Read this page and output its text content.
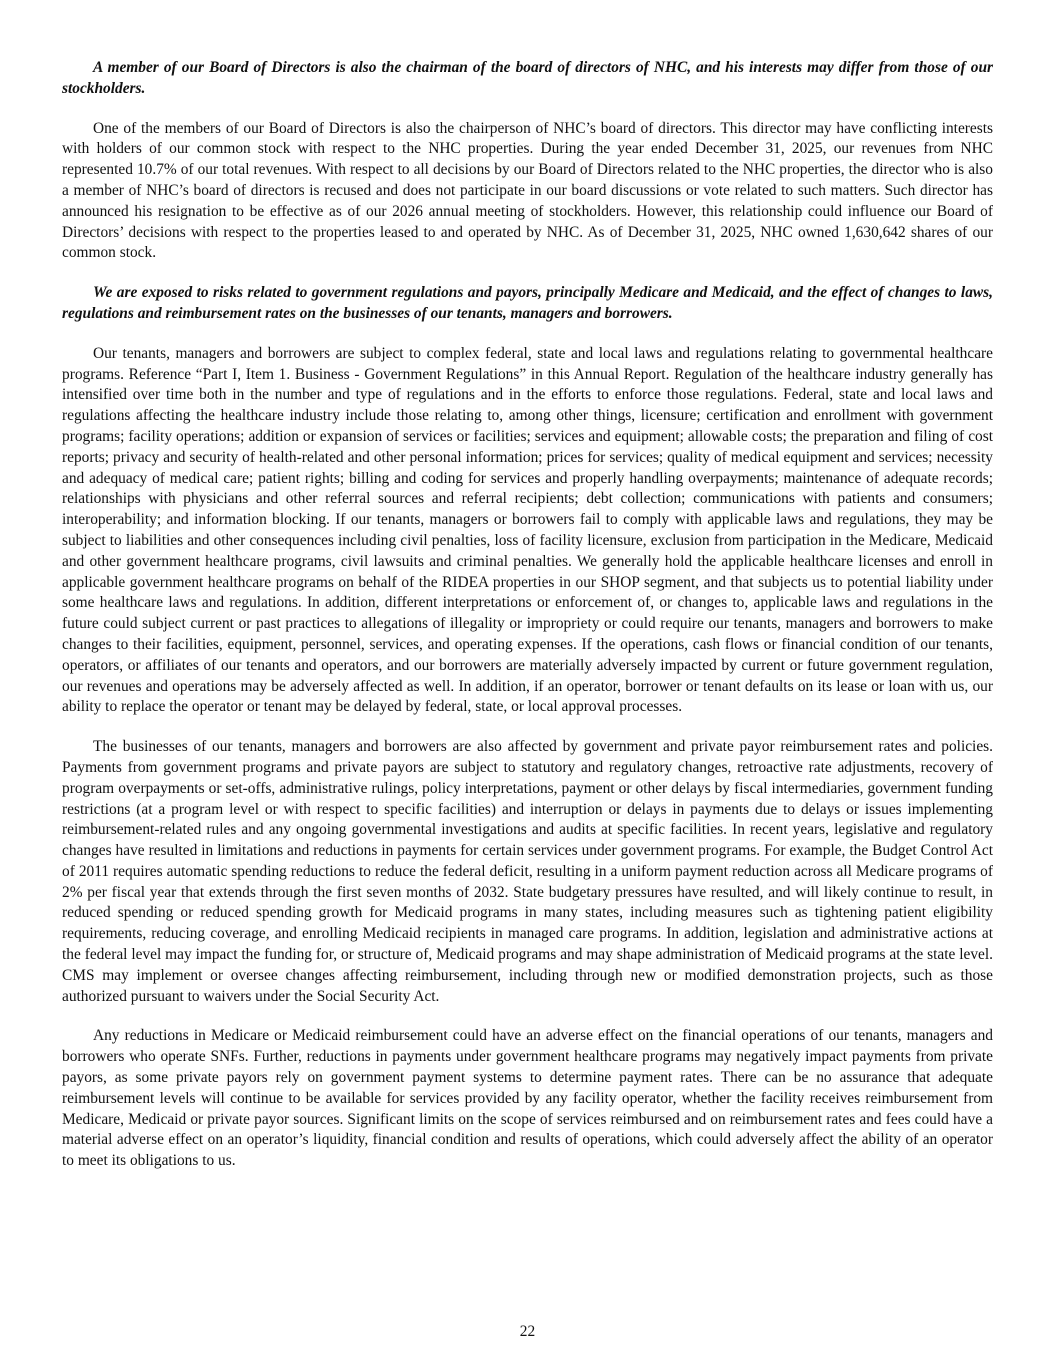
A member of our Board of Directors is also the chairman of the board of directors of NHC, and his interests may differ from those of our stockholders.

One of the members of our Board of Directors is also the chairperson of NHC’s board of directors. This director may have conflicting interests with holders of our common stock with respect to the NHC properties. During the year ended December 31, 2025, our revenues from NHC represented 10.7% of our total revenues. With respect to all decisions by our Board of Directors related to the NHC properties, the director who is also a member of NHC’s board of directors is recused and does not participate in our board discussions or vote related to such matters. Such director has announced his resignation to be effective as of our 2026 annual meeting of stockholders. However, this relationship could influence our Board of Directors’ decisions with respect to the properties leased to and operated by NHC. As of December 31, 2025, NHC owned 1,630,642 shares of our common stock.

We are exposed to risks related to government regulations and payors, principally Medicare and Medicaid, and the effect of changes to laws, regulations and reimbursement rates on the businesses of our tenants, managers and borrowers.

Our tenants, managers and borrowers are subject to complex federal, state and local laws and regulations relating to governmental healthcare programs. Reference “Part I, Item 1. Business - Government Regulations” in this Annual Report. Regulation of the healthcare industry generally has intensified over time both in the number and type of regulations and in the efforts to enforce those regulations. Federal, state and local laws and regulations affecting the healthcare industry include those relating to, among other things, licensure; certification and enrollment with government programs; facility operations; addition or expansion of services or facilities; services and equipment; allowable costs; the preparation and filing of cost reports; privacy and security of health-related and other personal information; prices for services; quality of medical equipment and services; necessity and adequacy of medical care; patient rights; billing and coding for services and properly handling overpayments; maintenance of adequate records; relationships with physicians and other referral sources and referral recipients; debt collection; communications with patients and consumers; interoperability; and information blocking. If our tenants, managers or borrowers fail to comply with applicable laws and regulations, they may be subject to liabilities and other consequences including civil penalties, loss of facility licensure, exclusion from participation in the Medicare, Medicaid and other government healthcare programs, civil lawsuits and criminal penalties. We generally hold the applicable healthcare licenses and enroll in applicable government healthcare programs on behalf of the RIDEA properties in our SHOP segment, and that subjects us to potential liability under some healthcare laws and regulations. In addition, different interpretations or enforcement of, or changes to, applicable laws and regulations in the future could subject current or past practices to allegations of illegality or impropriety or could require our tenants, managers and borrowers to make changes to their facilities, equipment, personnel, services, and operating expenses. If the operations, cash flows or financial condition of our tenants, operators, or affiliates of our tenants and operators, and our borrowers are materially adversely impacted by current or future government regulation, our revenues and operations may be adversely affected as well. In addition, if an operator, borrower or tenant defaults on its lease or loan with us, our ability to replace the operator or tenant may be delayed by federal, state, or local approval processes.

The businesses of our tenants, managers and borrowers are also affected by government and private payor reimbursement rates and policies. Payments from government programs and private payors are subject to statutory and regulatory changes, retroactive rate adjustments, recovery of program overpayments or set-offs, administrative rulings, policy interpretations, payment or other delays by fiscal intermediaries, government funding restrictions (at a program level or with respect to specific facilities) and interruption or delays in payments due to delays or issues implementing reimbursement-related rules and any ongoing governmental investigations and audits at specific facilities. In recent years, legislative and regulatory changes have resulted in limitations and reductions in payments for certain services under government programs. For example, the Budget Control Act of 2011 requires automatic spending reductions to reduce the federal deficit, resulting in a uniform payment reduction across all Medicare programs of 2% per fiscal year that extends through the first seven months of 2032. State budgetary pressures have resulted, and will likely continue to result, in reduced spending or reduced spending growth for Medicaid programs in many states, including measures such as tightening patient eligibility requirements, reducing coverage, and enrolling Medicaid recipients in managed care programs. In addition, legislation and administrative actions at the federal level may impact the funding for, or structure of, Medicaid programs and may shape administration of Medicaid programs at the state level. CMS may implement or oversee changes affecting reimbursement, including through new or modified demonstration projects, such as those authorized pursuant to waivers under the Social Security Act.

Any reductions in Medicare or Medicaid reimbursement could have an adverse effect on the financial operations of our tenants, managers and borrowers who operate SNFs. Further, reductions in payments under government healthcare programs may negatively impact payments from private payors, as some private payors rely on government payment systems to determine payment rates. There can be no assurance that adequate reimbursement levels will continue to be available for services provided by any facility operator, whether the facility receives reimbursement from Medicare, Medicaid or private payor sources. Significant limits on the scope of services reimbursed and on reimbursement rates and fees could have a material adverse effect on an operator’s liquidity, financial condition and results of operations, which could adversely affect the ability of an operator to meet its obligations to us.

22
